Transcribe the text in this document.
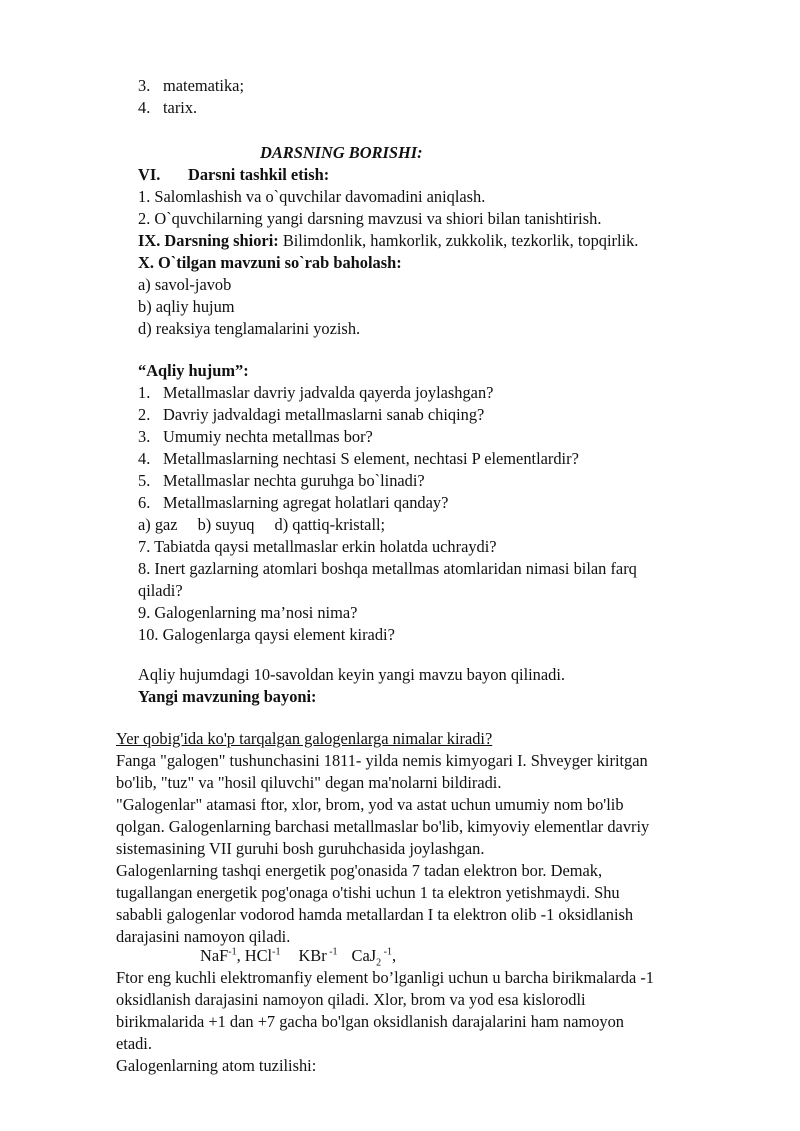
3. matematika;
4. tarix.
DARSNING BORISHI:
VI. Darsni tashkil etish:
1. Salomlashish va o`quvchilar davomadini aniqlash.
2. O`quvchilarning yangi darsning mavzusi va shiori bilan tanishtirish.
IX. Darsning shiori: Bilimdonlik, hamkorlik, zukkolik, tezkorlik, topqirlik.
X. O`tilgan mavzuni so`rab baholash:
a) savol-javob
b) aqliy hujum
d) reaksiya tenglamalarini yozish.
“Aqliy hujum”:
1. Metallmaslar davriy jadvalda qayerda joylashgan?
2. Davriy jadvaldagi metallmaslarni sanab chiqing?
3. Umumiy nechta metallmas bor?
4. Metallmaslarning nechtasi S element, nechtasi P elementlardir?
5. Metallmaslar nechta guruhga bo`linadi?
6. Metallmaslarning agregat holatlari qanday?
a) gaz b) suyuq d) qattiq-kristall;
7. Tabiatda qaysi metallmaslar erkin holatda uchraydi?
8. Inert gazlarning atomlari boshqa metallmas atomlaridan nimasi bilan farq
qiladi?
9. Galogenlarning ma’nosi nima?
10. Galogenlarga qaysi element kiradi?
Aqliy hujumdagi 10-savoldan keyin yangi mavzu bayon qilinadi.
Yangi mavzuning bayoni:
Yer qobig'ida ko'p tarqalgan galogenlarga nimalar kiradi?
Fanga "galogen" tushunchasini 1811- yilda nemis kimyogari I. Shveyger kiritgan
bo'lib, "tuz" va "hosil qiluvchi" degan ma'nolarni bildiradi.
"Galogenlar" atamasi ftor, xlor, brom, yod va astat uchun umumiy nom bo'lib
qolgan. Galogenlarning barchasi metallmaslar bo'lib, kimyoviy elementlar davriy
sistemasining VII guruhi bosh guruhchasida joylashgan.
Galogenlarning tashqi energetik pog'onasida 7 tadan elektron bor. Demak,
tugallangan energetik pog'onaga o'tishi uchun 1 ta elektron yetishmaydi. Shu
sababli galogenlar vodorod hamda metallardan I ta elektron olib -1 oksidlanish
darajasini namoyon qiladi.
NaF$^{-1}$, HCl$^{-1}$ KBr $^{-1}$ CaJ$_2$ $^{-1}$,
Ftor eng kuchli elektromanfiy element bo’lganligi uchun u barcha birikmalarda -1
oksidlanish darajasini namoyon qiladi. Xlor, brom va yod esa kislorodli
birikmalarida +1 dan +7 gacha bo'lgan oksidlanish darajalarini ham namoyon
etadi.
Galogenlarning atom tuzilishi:
